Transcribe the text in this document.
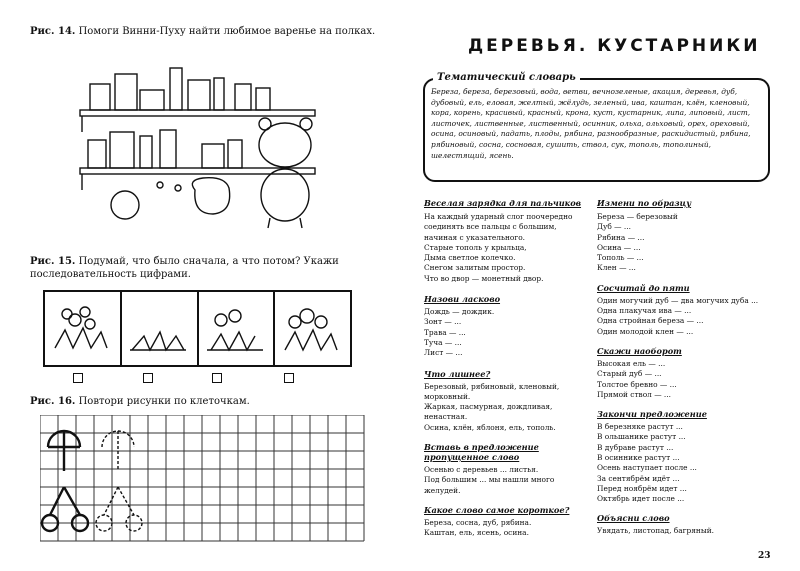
Рис. 14. Помоги Винни-Пуху найти любимое варенье на полках.
Рис. 15. Подумай, что было сначала, а что потом? Укажи последовательность цифрами.
Рис. 16. Повтори рисунки по клеточкам.
ДЕРЕВЬЯ. КУСТАРНИКИ
Тематический словарь
Береза, береза, березовый, вода, ветви, вечнозеленые, акация, деревья, дуб, дубовый, ель, еловая, желтый, жёлудь, зеленый, ива, каштан, клён, кленовый, кора, корень, красивый, красный, крона, куст, кустарник, липа, липовый, лист, листочек, лиственные, лиственный, осинник, ольха, ольховый, орех, ореховый, осина, осиновый, падать, плоды, рябина, разнообразные, раскидистый, рябина, рябиновый, сосна, сосновая, сушить, ствол, сук, тополь, тополиный, шелестящий, ясень.
Веселая зарядка для пальчиков
На каждый ударный слог поочередно
соединять все пальцы с большим, начиная с указательного.
Старые тополь у крыльца,
Дыма светлое колечко.
Снегом залитым простор.
Что во двор — монетный двор.
Назови ласково
Дождь — дождик.
Зонт — ...
Трава — ...
Туча — ...
Лист — ...
Что лишнее?
Березовый, рябиновый, кленовый,
морковный.
Жаркая, пасмурная, дождливая, ненастная.
Осина, клён, яблоня, ель, тополь.
Вставь в предложение пропущенное слово
Осенью с деревьев ... листья.
Под большим ... мы нашли много желудей.
Какое слово самое короткое?
Береза, сосна, дуб, рябина.
Каштан, ель, ясень, осина.
Измени по образцу
Береза — березовый
Дуб — ...
Рябина — ...
Осина — ...
Тополь — ...
Клен — ...
Сосчитай до пяти
Один могучий дуб — два могучих дуба ...
Одна плакучая ива — ...
Одна стройная береза — ...
Один молодой клен — ...
Скажи наоборот
Высокая ель — ...
Старый дуб — ...
Толстое бревно — ...
Прямой ствол — ...
Закончи предложение
В березняке растут ...
В ольшанике растут ...
В дубраве растут ...
В осиннике растут ...
Осень наступает после ...
За сентябрём идёт ...
Перед ноябрём идет ...
Октябрь идет после ...
Объясни слово
Увядать, листопад, багряный.
23
